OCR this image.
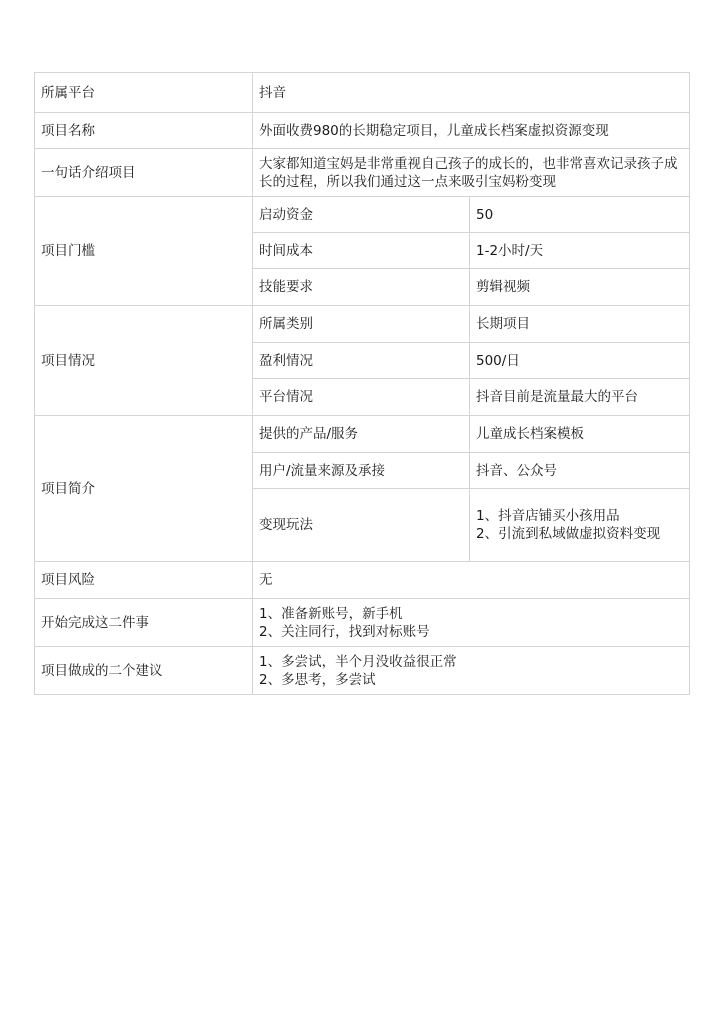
所属平台	抖音	
项目名称	外面收费980的长期稳定项目，儿童成长档案虚拟资源变现	
一句话介绍项目	大家都知道宝妈是非常重视自己孩子的成长的，也非常喜欢记录孩子成长的过程，所以我们通过这一点来吸引宝妈粉变现	
项目门槛	启动资金	50
	时间成本	1-2小时/天
	技能要求	剪辑视频
项目情况	所属类别	长期项目
	盈利情况	500/日
	平台情况	抖音目前是流量最大的平台
项目简介	提供的产品/服务	儿童成长档案模板
	用户/流量来源及承接	抖音、公众号
	变现玩法	1、抖音店铺买小孩用品
2、引流到私域做虚拟资料变现
项目风险	无	
开始完成这二件事	1、准备新账号，新手机
2、关注同行，找到对标账号	
项目做成的二个建议	1、多尝试，半个月没收益很正常
2、多思考，多尝试	
